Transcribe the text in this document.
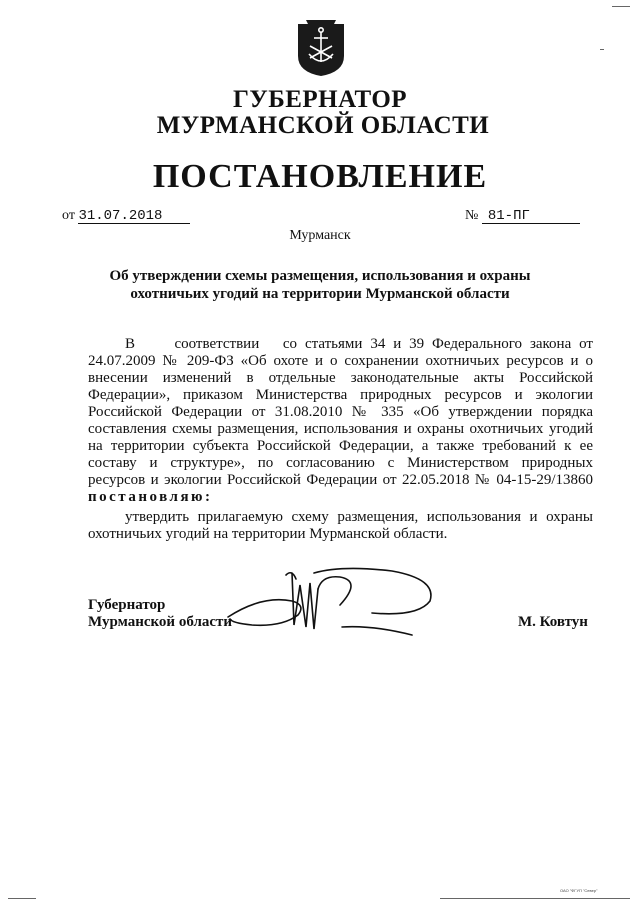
ГУБЕРНАТОР
МУРМАНСКОЙ ОБЛАСТИ
ПОСТАНОВЛЕНИЕ
от 31.07.2018	№ 81-ПГ
Мурманск
Об утверждении схемы размещения, использования и охраны
охотничьих угодий на территории Мурманской области
В     соответствии   со статьями 34 и 39 Федерального закона от
24.07.2009 № 209-ФЗ «Об охоте и о сохранении охотничьих ресурсов и о
внесении изменений в отдельные законодательные акты Российской
Федерации», приказом Министерства природных ресурсов и экологии
Российской Федерации от 31.08.2010 № 335 «Об утверждении порядка
составления схемы размещения, использования и охраны охотничьих угодий
на территории субъекта Российской Федерации, а также требований к ее
составу и структуре», по согласованию с Министерством природных
ресурсов и экологии Российской Федерации от 22.05.2018 № 04-15-29/13860
постановляю:
утвердить прилагаемую схему размещения, использования и охраны
охотничьих угодий на территории Мурманской области.
Губернатор
Мурманской области	М. Ковтун
ОАО "ФГУП "Север"
